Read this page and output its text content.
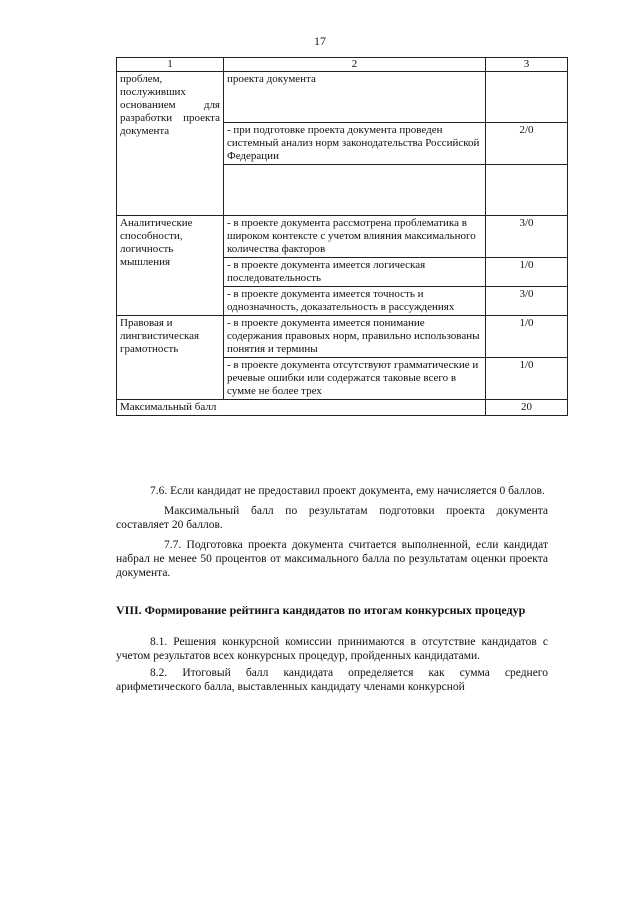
17
1	2	3
проблем, послуживших основанием для разработки проекта документа	проекта документа	
	- при подготовке проекта документа проведен системный анализ норм законодательства Российской Федерации	2/0

Аналитические способности, логичность мышления	- в проекте документа рассмотрена проблематика в широком контексте с учетом влияния максимального количества факторов	3/0
	- в проекте документа имеется логическая последовательность	1/0
	- в проекте документа имеется точность и однозначность, доказательность в рассуждениях	3/0
Правовая и лингвистическая грамотность	- в проекте документа имеется понимание содержания правовых норм, правильно использованы понятия и термины	1/0
	- в проекте документа отсутствуют грамматические и речевые ошибки или содержатся таковые всего в сумме не более трех	1/0
Максимальный балл		20

7.6. Если кандидат не предоставил проект документа, ему начисляется 0 баллов.

Максимальный балл по результатам подготовки проекта документа составляет 20 баллов.

7.7. Подготовка проекта документа считается выполненной, если кандидат набрал не менее 50 процентов от максимального балла по результатам оценки проекта документа.

VIII. Формирование рейтинга кандидатов по итогам конкурсных процедур

8.1. Решения конкурсной комиссии принимаются в отсутствие кандидатов с учетом результатов всех конкурсных процедур, пройденных кандидатами.

8.2. Итоговый балл кандидата определяется как сумма среднего арифметического балла, выставленных кандидату членами конкурсной
